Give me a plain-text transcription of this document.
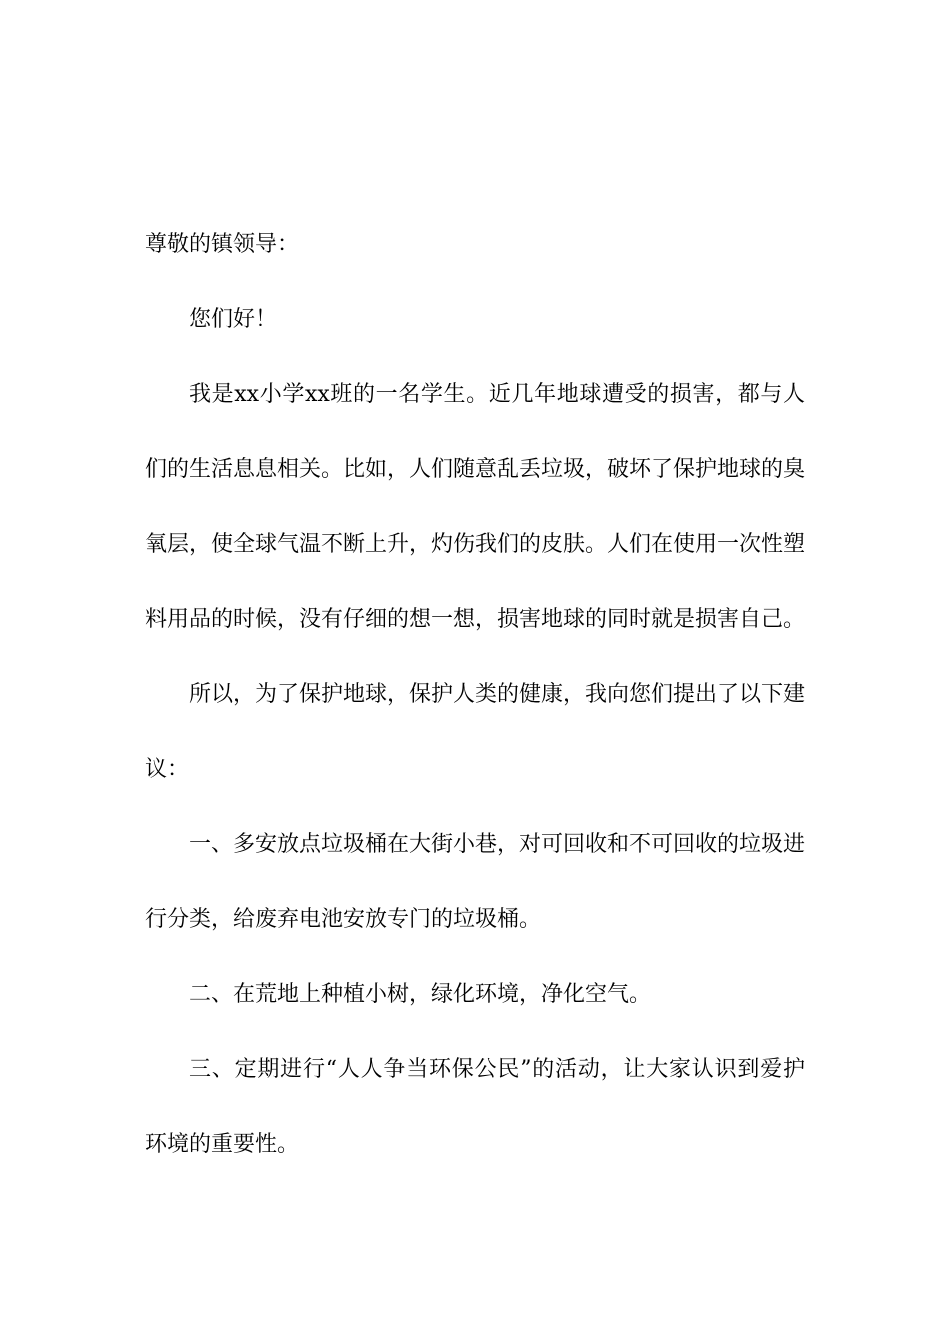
尊敬的镇领导：

您们好！

我是xx小学xx班的一名学生。近几年地球遭受的损害，都与人们的生活息息相关。比如，人们随意乱丢垃圾，破坏了保护地球的臭氧层，使全球气温不断上升，灼伤我们的皮肤。人们在使用一次性塑料用品的时候，没有仔细的想一想，损害地球的同时就是损害自己。

所以，为了保护地球，保护人类的健康，我向您们提出了以下建议：

一、多安放点垃圾桶在大街小巷，对可回收和不可回收的垃圾进行分类，给废弃电池安放专门的垃圾桶。

二、在荒地上种植小树，绿化环境，净化空气。

三、定期进行“人人争当环保公民”的活动，让大家认识到爱护环境的重要性。
